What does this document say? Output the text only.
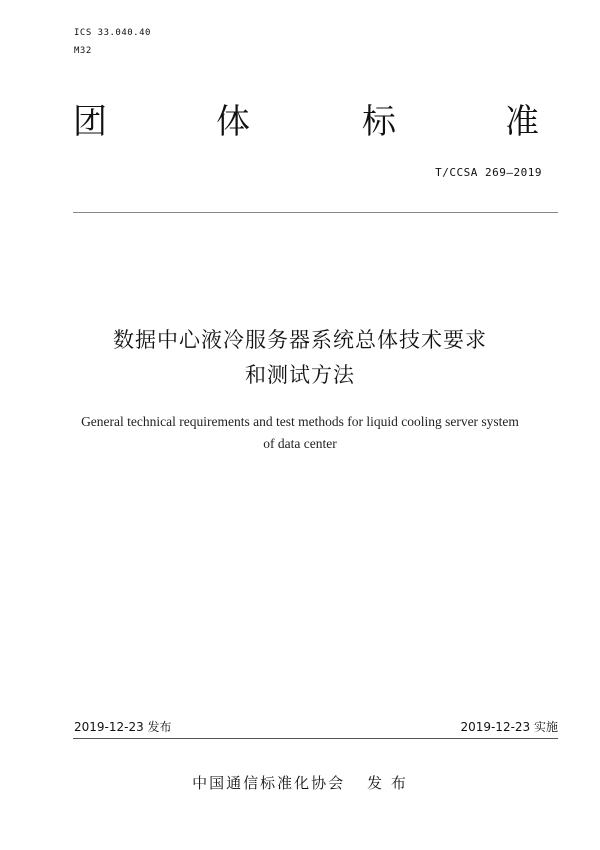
ICS 33.040.40
M32
团	体	标	准
T/CCSA 269—2019
数据中心液冷服务器系统总体技术要求
和测试方法
General technical requirements and test methods for liquid cooling server system
of data center
2019-12-23 发布	2019-12-23 实施
中国通信标准化协会 发 布
